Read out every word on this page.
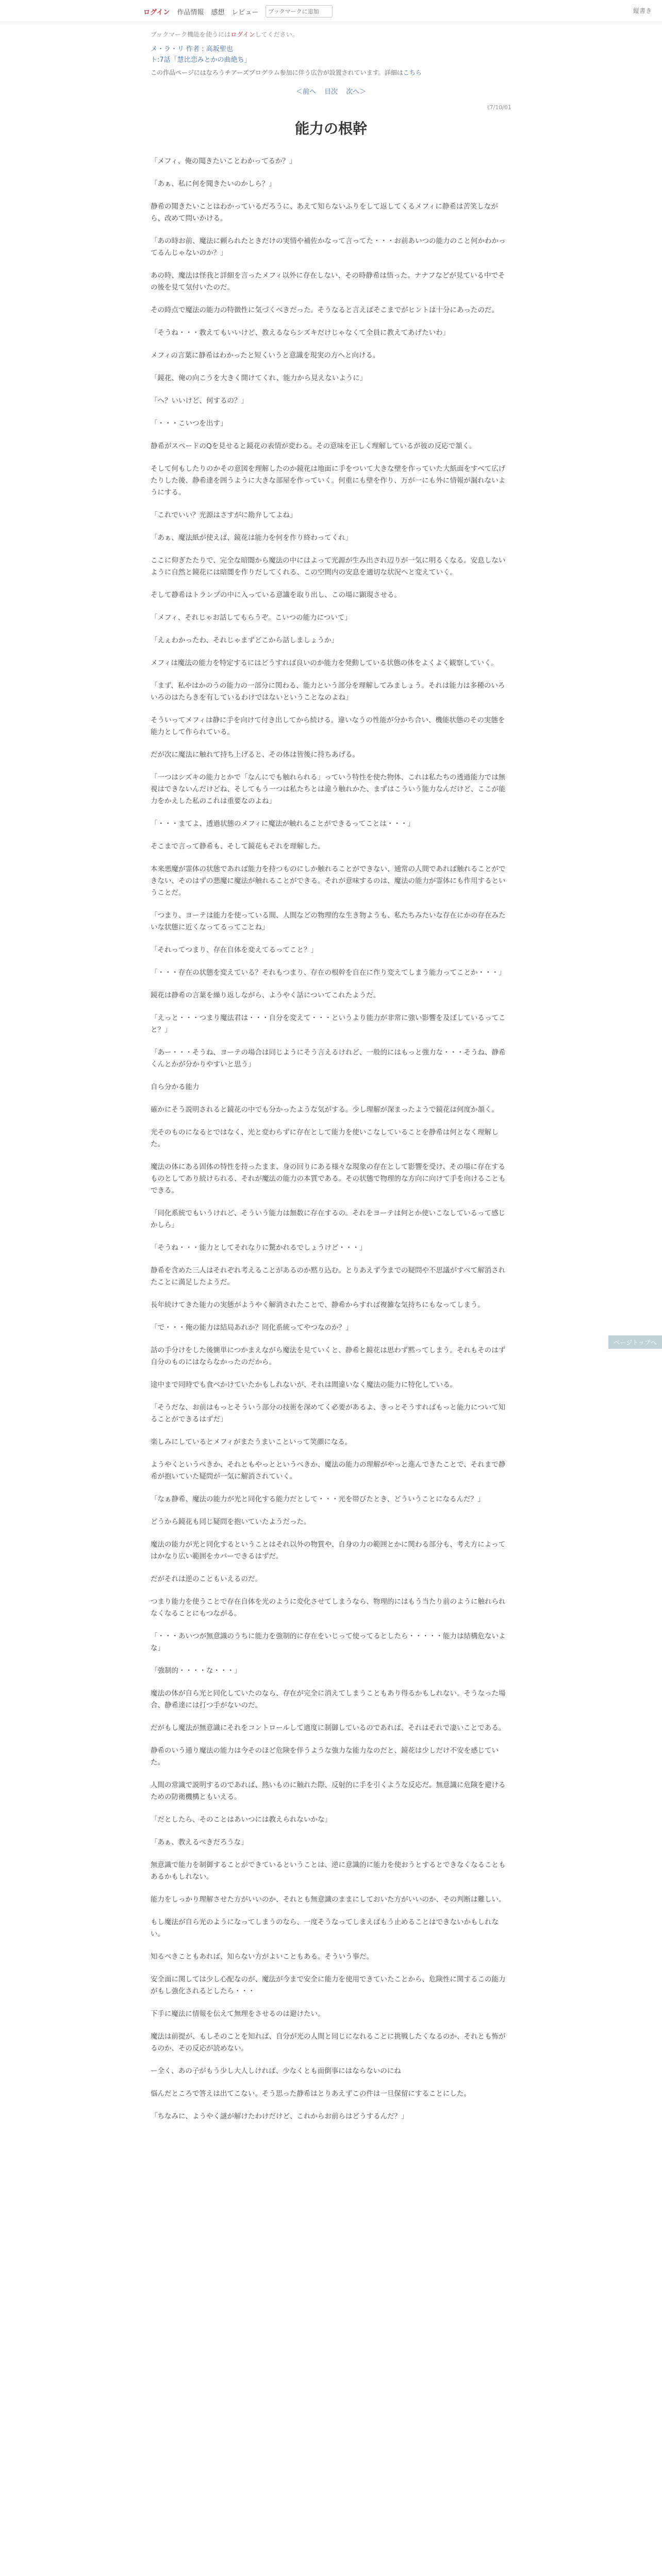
ログイン 作品情報 感想 レビュー
ブックマークに追加	縦書き
ブックマーク機能を使うにはログインしてください。
メ・ラ・リ 作者 : 高坂聖也
ト:7話「慧比恋みとかの曲絶ち」
この作品ページにはなろうチアーズプログラム参加に伴う広告が設置されています。詳細はこちら
＜前へ 目次 次へ＞
ﾓ7/10/01
能力の根幹

「メフィ、俺の聞きたいことわかってるか？」

「あぁ、私に何を聞きたいのかしら？」

静希の聞きたいことはわかっているだろうに、あえて知らないふりをして返してくるメフィに静希は苦笑しながら、改めて問いかける。

「あの時お前、魔法に頼られたときだけの実情や補佐かなって言ってた・・・お前あいつの能力のこと何かわかってるんじゃないのか？」

あの時、魔法は怪我と詳細を言ったメフィ以外に存在しない、その時静希は悟った。ナナフなどが見ている中でその後を見て気付いたのだ。

その時点で魔法の能力の特徴性に気づくべきだった。そうなると言えばそこまでがヒントは十分にあったのだ。

「そうね・・・教えてもいいけど、教えるならシズキだけじゃなくて全員に教えてあげたいわ」

メフィの言葉に静希はわかったと短くいうと意識を現実の方へと向ける。

「鏡花、俺の向こうを大きく開けてくれ、能力から見えないように」

「へ？いいけど、何するの？」

「・・・こいつを出す」

静希がスペードのQを見せると鏡花の表情が変わる。その意味を正しく理解しているが彼の反応で頷く。

そして何もしたりのかその意図を理解したのか鏡花は地面に手をついて大きな壁を作っていた大紙面をすべて広げたりした後、静希達を囲うように大きな部屋を作っていく。何重にも壁を作り、万が一にも外に情報が漏れないようにする。

「これでいい？光源はさすがに勘弁してよね」

「あぁ、魔法紙が使えば、鏡花は能力を何を作り終わってくれ」

ここに仰ぎたたりで、完全な暗闇から魔法の中にはよって光源が生み出され辺りが一気に明るくなる。安息しないように自然と鏡花には暗闇を作りだしてくれる、この空間内の安息を適切な状況へと変えていく。

そして静希はトランプの中に入っている意識を取り出し、この場に顕現させる。

「メフィ、それじゃお話してもらうぞ。こいつの能力について」

「えぇわかったわ、それじゃまずどこから話しましょうか」

メフィは魔法の能力を特定するにはどうすれば良いのか能力を発動している状態の体をよくよく観察していく。

「まず、私やはかのうの能力の一部分に関わる、能力という部分を理解してみましょう。それは能力は多種のいろいろのはたらきを有しているわけではないということなのよね」

そういってメフィは静に手を向けて付き出してから続ける。違いなうの性能が分かち合い、機能状態のその実態を能力として作られている。

だが次に魔法に触れて持ち上げると、その体は皆後に持ちあげる。

「一つはシズキの能力とかで「なんにでも触れられる」っていう特性を使た物体、これは私たちの透過能力では無視はできないんだけどね、そしてもう一つは私たちとは違う触れかた、まずはこういう能力なんだけど、ここが能力をかえした私のこれは重要なのよね」

「・・・まてよ、透過状態のメフィに魔法が触れることができるってことは・・・」

そこまで言って静希も、そして鏡花もそれを理解した。

本来悪魔が霊体の状態であれば能力を持つものにしか触れることができない、通常の人間であれば触れることができない、そのはずの悪魔に魔法が触れることができる。それが意味するのは、魔法の能力が霊体にも作用するということだ。

「つまり、ヨーテは能力を使っている間、人間などの物理的な生き物ようも、私たちみたいな存在にかの存在みたいな状態に近くなってるってことね」

「それってつまり、存在自体を変えてるってこと？」

「・・・存在の状態を変えている？それもつまり、存在の根幹を自在に作り変えてしまう能力ってことか・・・」

鏡花は静希の言葉を繰り返しながら、ようやく話についてこれたようだ。

「えっと・・・つまり魔法君は・・・自分を変えて・・・というより能力が非常に強い影響を及ぼしているってこと？」

「あー・・・そうね、ヨーテの場合は同じようにそう言えるけれど、一般的にはもっと強力な・・・そうね、静希くんとかが分かりやすいと思う」

自ら分かる能力

確かにそう説明されると鏡花の中でも分かったような気がする。少し理解が深まったようで鏡花は何度か頷く。

光そのものになるとではなく、光と変わらずに存在として能力を使いこなしていることを静希は何となく理解した。

魔法の体にある固体の特性を持ったまま、身の回りにある様々な現象の存在として影響を受け、その場に存在するものとしてあり続けられる、それが魔法の能力の本質である。その状態で物理的な方向に向けて手を向けることもできる。

「同化系統でもいうけれど、そういう能力は無数に存在するの。それをヨーテは何とか使いこなしているって感じかしら」

「そうね・・・能力としてそれなりに驚かれるでしょうけど・・・」

静希を含めた三人はそれぞれ考えることがあるのか黙り込む。とりあえず今までの疑問や不思議がすべて解消されたことに満足したようだ。

長年続けてきた能力の実態がようやく解消されたことで、静希からすれば複雑な気持ちにもなってしまう。

「で・・・俺の能力は結局あれか？同化系統ってやつなのか？」

話の手分けをした後簡単につかまえながら魔法を見ていくと、静希と鏡花は思わず黙ってしまう。それもそのはず自分のものにはならなかったのだから。

途中まで同時でも食べかけていたかもしれないが、それは間違いなく魔法の能力に特化している。

「そうだな、お前はもっとそういう部分の技術を深めてく必要があるよ、きっとそうすればもっと能力について知ることができるはずだ」

楽しみにしているとメフィがまたうまいこといって笑顔になる。

ようやくというべきか、それともやっとというべきか、魔法の能力の理解がやっと進んできたことで、それまで静希が抱いていた疑問が一気に解消されていく。

「なぁ静希、魔法の能力が光と同化する能力だとして・・・光を帯びたとき、どういうことになるんだ？」

どうから鏡花も同じ疑問を抱いていたようだった。

魔法の能力が光と同化するということはそれ以外の物質や、自身の力の範囲とかに関わる部分も、考え方によってはかなり広い範囲をカバーできるはずだ。

だがそれは逆のこともいえるのだ。

つまり能力を使うことで存在自体を光のように変化させてしまうなら、物理的にはもう当たり前のように触れられなくなることにもつながる。

「・・・あいつが無意識のうちに能力を強制的に存在をいじって使ってるとしたら・・・・・能力は結構危ないよな」

「強制的・・・・な・・・」

魔法の体が自ら光と同化していたのなら、存在が完全に消えてしまうこともあり得るかもしれない。そうなった場合、静希達には打つ手がないのだ。

だがもし魔法が無意識にそれをコントロールして適度に制御しているのであれば、それはそれで凄いことである。

静希のいう通り魔法の能力は今そのほど危険を伴うような強力な能力なのだと、鏡花は少しだけ不安を感じていた。

人間の常識で説明するのであれば、熱いものに触れた際、反射的に手を引くような反応だ。無意識に危険を避けるための防衛機構ともいえる。

「だとしたら、そのことはあいつには教えられないかな」

「あぁ、教えるべきだろうな」

無意識で能力を制御することができているということは、逆に意識的に能力を使おうとするとできなくなることもあるかもしれない。

能力をしっかり理解させた方がいいのか、それとも無意識のままにしておいた方がいいのか、その判断は難しい。

もし魔法が自ら光のようになってしまうのなら、一度そうなってしまえばもう止めることはできないかもしれない。

知るべきこともあれば、知らない方がよいこともある。そういう事だ。

安全面に関しては少し心配なのが、魔法が今まで安全に能力を使用できていたことから、危険性に関するこの能力がもし強化されるとしたら・・・

下手に魔法に情報を伝えて無理をさせるのは避けたい。

魔法は前提が、もしそのことを知れば、自分が光の人間と同じになれることに挑戦したくなるのか、それとも怖がるのか、その反応が読めない。

ー全く、あの子がもう少し大人しければ、少なくとも面倒事にはならないのにね

悩んだところで答えは出てこない。そう思った静希はとりあえずこの件は一旦保留にすることにした。

「ちなみに、ようやく謎が解けたわけだけど、これからお前らはどうするんだ？」

ページトップへ
